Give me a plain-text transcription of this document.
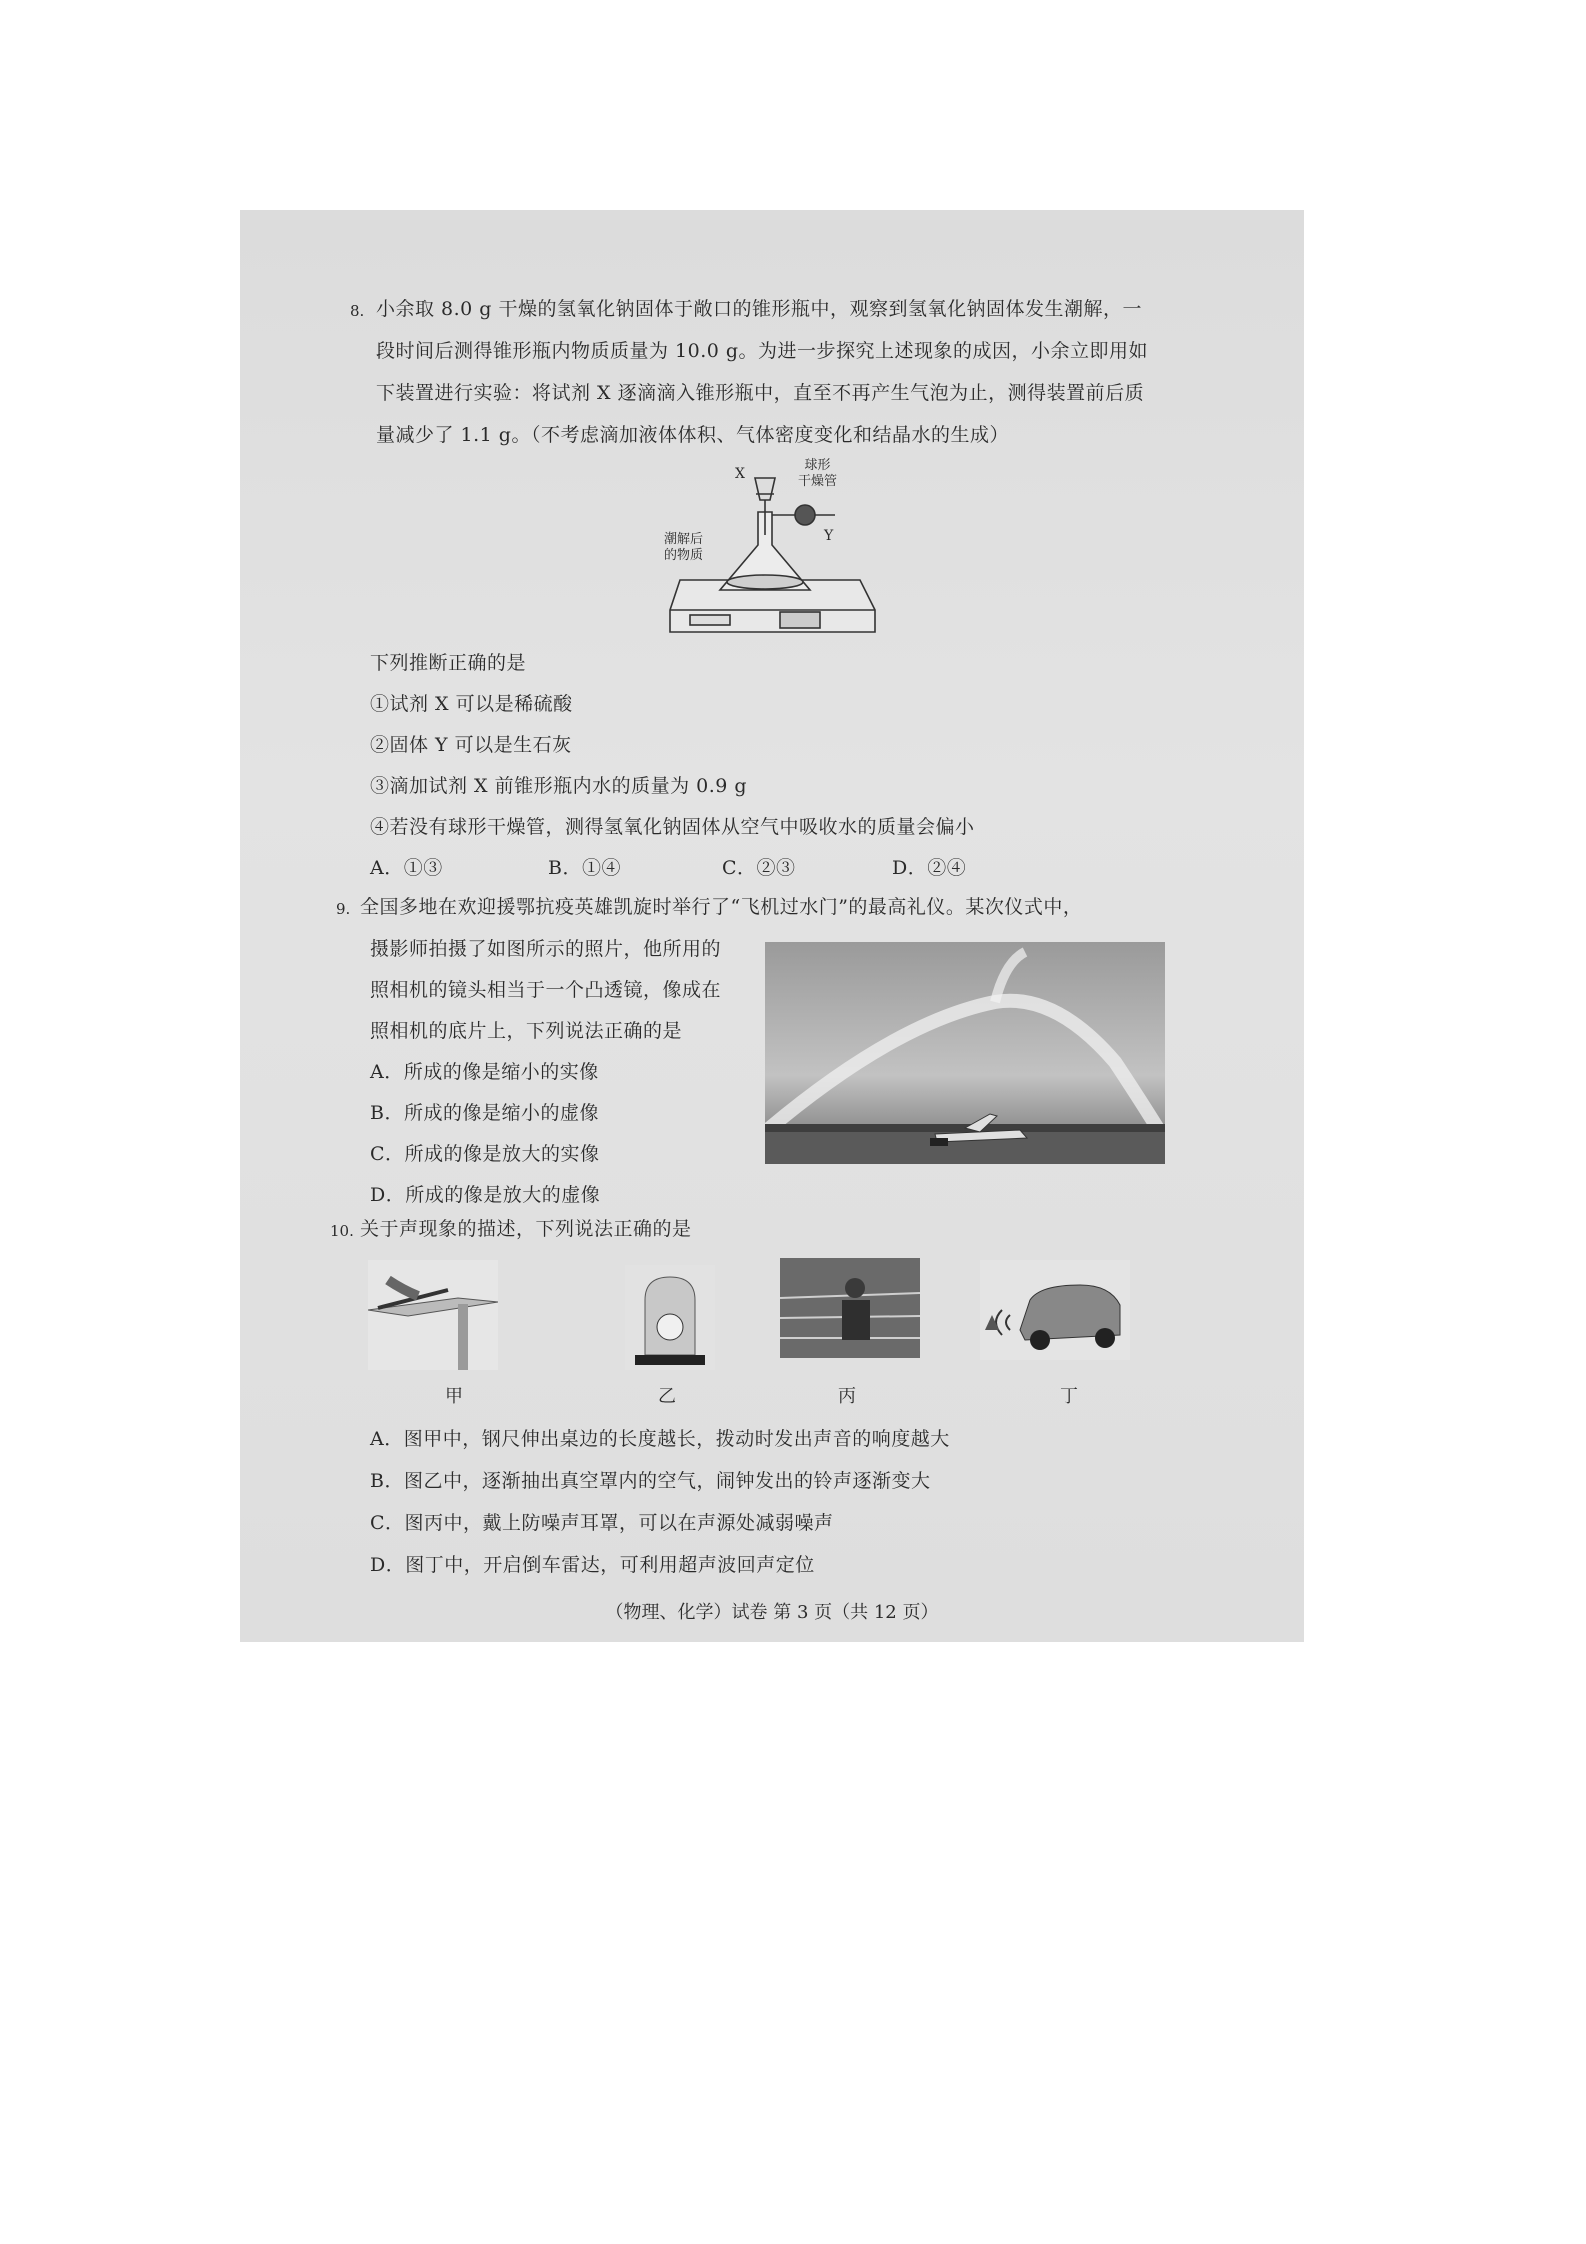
8. 小余取 8.0 g 干燥的氢氧化钠固体于敞口的锥形瓶中，观察到氢氧化钠固体发生潮解，一
段时间后测得锥形瓶内物质质量为 10.0 g。为进一步探究上述现象的成因，小余立即用如
下装置进行实验：将试剂 X 逐滴滴入锥形瓶中，直至不再产生气泡为止，测得装置前后质
量减少了 1.1 g。（不考虑滴加液体体积、气体密度变化和结晶水的生成）
X
球形
干燥管
Y
潮解后
的物质
下列推断正确的是
①试剂 X 可以是稀硫酸
②固体 Y 可以是生石灰
③滴加试剂 X 前锥形瓶内水的质量为 0.9 g
④若没有球形干燥管，测得氢氧化钠固体从空气中吸收水的质量会偏小
A．①③	B．①④	C．②③	D．②④
9. 全国多地在欢迎援鄂抗疫英雄凯旋时举行了“飞机过水门”的最高礼仪。某次仪式中，
摄影师拍摄了如图所示的照片，他所用的
照相机的镜头相当于一个凸透镜，像成在
照相机的底片上，下列说法正确的是
A．所成的像是缩小的实像
B．所成的像是缩小的虚像
C．所成的像是放大的实像
D．所成的像是放大的虚像
10. 关于声现象的描述，下列说法正确的是
甲	乙	丙	丁
A．图甲中，钢尺伸出桌边的长度越长，拨动时发出声音的响度越大
B．图乙中，逐渐抽出真空罩内的空气，闹钟发出的铃声逐渐变大
C．图丙中，戴上防噪声耳罩，可以在声源处减弱噪声
D．图丁中，开启倒车雷达，可利用超声波回声定位
（物理、化学）试卷 第 3 页（共 12 页）
